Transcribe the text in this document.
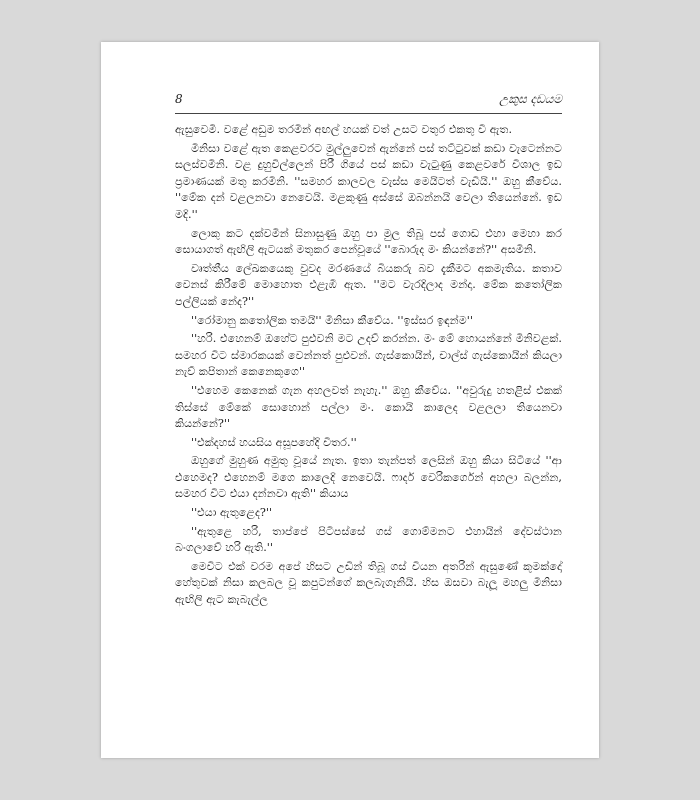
8	උකුස දඩයම

ඇසුවෙමි. වළේ අඩුම තරමින් අඟල් හයක් වත් උසට වතුර එකතු වී ඇත.

මිනිසා වළේ ඇත කෙළවරට මුල්ලුවෙන් ඇන්නේ පස් තට්ටුවක් කඩා වැටෙන්නට සලස්වමිනි. වළ දුහුවිල්ලෙන් පිරී ගියේ පස් කඩා වැටුණු කෙළවරේ විශාල ඉඩ ප්‍රමාණයක් මතු කරමිනි. ''සමහර කාලවල වැස්ස මෙයිටත් වැඩියි.'' ඔහු කීවේය. ''මේක දන් වළලනවා නෙවෙයි. මළකුණු අස්සේ ඔබන්නයි වෙලා තියෙන්නේ. ඉඩ මදි.''

ලොකු කට දක්වමින් සිනාසුණු ඔහු පා මුල තිබූ පස් ගොඩ එහා මෙහා කර සොයාගත් ඇඟිලි ඇටයක් මතුකර පෙන්වූයේ ''බොරුද මං කියන්නේ?'' අසමිනි.

වෘත්තීය ලේඛකයෙකු වුවද මරණයේ බියකරු බව දැකීමට අකමැතිය. කතාව වෙනස් කිරීමේ මොහොත එළැඹී ඇත. ''මට වැරදිලාද මන්දා. මේක කතෝලික පල්ලියක් නේද?''

''රෝමානු කතෝලික තමයි'' මිනිසා කීවේය. ''ඉස්සර ඉඳන්ම''

''හරි. එහෙනම් ඔහේට පුළුවනි මට උදව් කරන්න. මං මේ හොයන්නේ මිනිවළක්. සමහර විට ස්මාරකයක් වෙන්නත් පුළුවන්. ගැස්කොයින්, චාල්ස් ගැස්කොයින් කියලා නැව් කපිතාන් කෙනෙකුගෙ''

''එහෙම කෙනෙක් ගැන අහලවත් නැහැ.'' ඔහු කීවේය. ''අවුරුදු හතළිස් එකක් තිස්සේ මේකේ සොහොන් පල්ලා මං. කොයි කාලෙද වළලලා තියෙනවා කියන්නේ?''

''එක්දහස් හයසිය අසූපහේදි විතර.''

ඔහුගේ මුහුණ අමුතු වූයේ නැත. ඉතා තැන්පත් ලෙසින් ඔහු කියා සිටියේ ''ආ එහෙමද? එහෙනම් මගෙ කාලෙදි නෙවෙයි. ෆාදර් වෙරිකර්ගෙන් අහලා බලන්න, සමහර විට එයා දන්නවා ඇති'' කියාය

''එයා ඇතුළෙද?''

''ඇතුළෙ හරි, තාප්පේ පිටිපස්සේ ගස් ගොම්මනට එහායින් දේවස්ථාන බංගලාවේ හරි ඇති.''

මෙවිට එක් වරම අපේ හිසට උඩින් තිබූ ගස් වියන අතරින් ඇසුණේ කුමක්දෝ හේතුවක් නිසා කලබල වූ කපුටන්ගේ කලබැගෑනියි. හිස ඔසවා බැලූ මහලු මිනිසා ඇඟිලි ඇට කැබැල්ල
